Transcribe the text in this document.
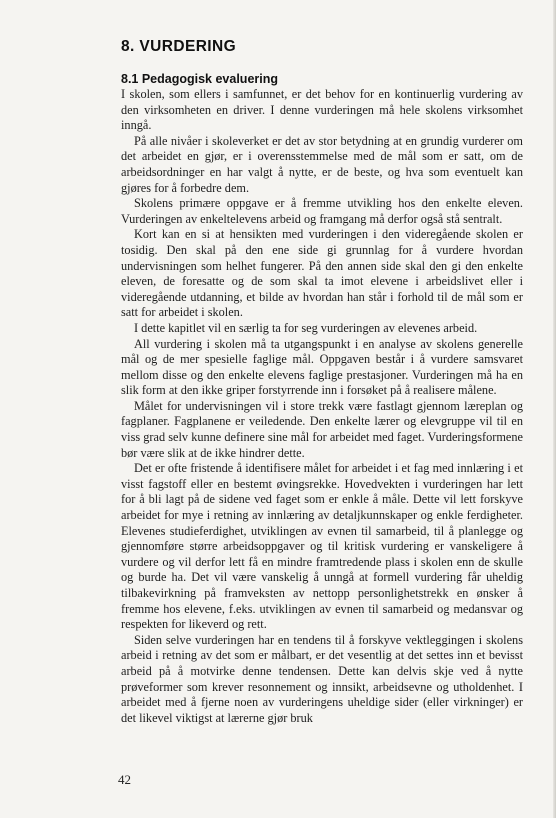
8. VURDERING
8.1 Pedagogisk evaluering

I skolen, som ellers i samfunnet, er det behov for en kontinuerlig vurdering av den virksomheten en driver. I denne vurderingen må hele skolens virksomhet inngå.

På alle nivåer i skoleverket er det av stor betydning at en grundig vurderer om det arbeidet en gjør, er i overensstemmelse med de mål som er satt, om de arbeidsordninger en har valgt å nytte, er de beste, og hva som eventuelt kan gjøres for å forbedre dem.

Skolens primære oppgave er å fremme utvikling hos den enkelte eleven. Vurderingen av enkeltelevens arbeid og framgang må derfor også stå sentralt.

Kort kan en si at hensikten med vurderingen i den videregående skolen er tosidig. Den skal på den ene side gi grunnlag for å vurdere hvordan undervisningen som helhet fungerer. På den annen side skal den gi den enkelte eleven, de foresatte og de som skal ta imot elevene i arbeidslivet eller i videregående utdanning, et bilde av hvordan han står i forhold til de mål som er satt for arbeidet i skolen.

I dette kapitlet vil en særlig ta for seg vurderingen av elevenes arbeid.

All vurdering i skolen må ta utgangspunkt i en analyse av skolens generelle mål og de mer spesielle faglige mål. Oppgaven består i å vurdere samsvaret mellom disse og den enkelte elevens faglige prestasjoner. Vurderingen må ha en slik form at den ikke griper forstyrrende inn i forsøket på å realisere målene.

Målet for undervisningen vil i store trekk være fastlagt gjennom læreplan og fagplaner. Fagplanene er veiledende. Den enkelte lærer og elevgruppe vil til en viss grad selv kunne definere sine mål for arbeidet med faget. Vurderingsformene bør være slik at de ikke hindrer dette.

Det er ofte fristende å identifisere målet for arbeidet i et fag med innlæring i et visst fagstoff eller en bestemt øvingsrekke. Hovedvekten i vurderingen har lett for å bli lagt på de sidene ved faget som er enkle å måle. Dette vil lett forskyve arbeidet for mye i retning av innlæring av detaljkunnskaper og enkle ferdigheter. Elevenes studieferdighet, utviklingen av evnen til samarbeid, til å planlegge og gjennomføre større arbeidsoppgaver og til kritisk vurdering er vanskeligere å vurdere og vil derfor lett få en mindre framtredende plass i skolen enn de skulle og burde ha. Det vil være vanskelig å unngå at formell vurdering får uheldig tilbakevirkning på framveksten av nettopp personlighetstrekk en ønsker å fremme hos elevene, f.eks. utviklingen av evnen til samarbeid og medansvar og respekten for likeverd og rett.

Siden selve vurderingen har en tendens til å forskyve vektleggingen i skolens arbeid i retning av det som er målbart, er det vesentlig at det settes inn et bevisst arbeid på å motvirke denne tendensen. Dette kan delvis skje ved å nytte prøveformer som krever resonnement og innsikt, arbeidsevne og utholdenhet. I arbeidet med å fjerne noen av vurderingens uheldige sider (eller virkninger) er det likevel viktigst at lærerne gjør bruk

42
